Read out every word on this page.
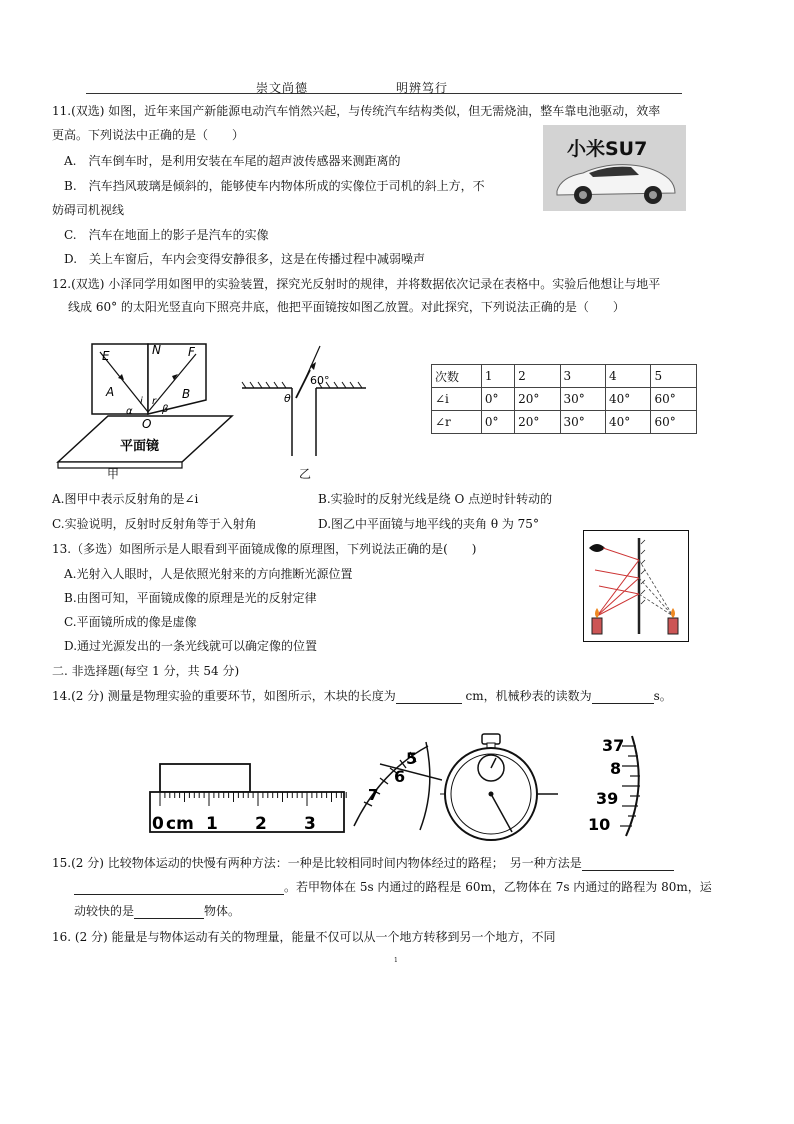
崇文尚德	明辨笃行
11.(双选) 如图，近年来国产新能源电动汽车悄然兴起，与传统汽车结构类似，但无需烧油，整车靠电池驱动，效率
更高。下列说法中正确的是（　　）
A.　汽车倒车时，是利用安装在车尾的超声波传感器来测距离的
B.　汽车挡风玻璃是倾斜的，能够使车内物体所成的实像位于司机的斜上方，不
妨碍司机视线
C.　汽车在地面上的影子是汽车的实像
D.　关上车窗后，车内会变得安静很多，这是在传播过程中减弱噪声
小米SU7
12.(双选) 小泽同学用如图甲的实验装置，探究光反射时的规律，并将数据依次记录在表格中。实验后他想让与地平
线成 60° 的太阳光竖直向下照亮井底，他把平面镜按如图乙放置。对此探究，下列说法正确的是（　　）
E	N F
A	B
O
i r
α	β
平面镜
甲
60°
θ
乙
次数	1	2	3	4	5
∠i	0°	20°	30°	40°	60°
∠r	0°	20°	30°	40°	60°
A.图甲中表示反射角的是∠i	B.实验时的反射光线是绕 O 点逆时针转动的
C.实验说明，反射时反射角等于入射角	D.图乙中平面镜与地平线的夹角 θ 为 75°
13.（多选）如图所示是人眼看到平面镜成像的原理图，下列说法正确的是(　　)
A.光射入人眼时，人是依照光射来的方向推断光源位置
B.由图可知，平面镜成像的原理是光的反射定律
C.平面镜所成的像是虚像
D.通过光源发出的一条光线就可以确定像的位置
二. 非选择题(每空 1 分，共 54 分)
14.(2 分) 测量是物理实验的重要环节，如图所示，木块的长度为	cm，机械秒表的读数为	s。
0 cm 1 2 3
5
6
7
37
8
39
10
15.(2 分) 比较物体运动的快慢有两种方法：一种是比较相同时间内物体经过的路程；　另一种方法是
。若甲物体在 5s 内通过的路程是 60m，乙物体在 7s 内通过的路程为 80m，运
动较快的是	物体。
16. (2 分) 能量是与物体运动有关的物理量，能量不仅可以从一个地方转移到另一个地方，不同
1
